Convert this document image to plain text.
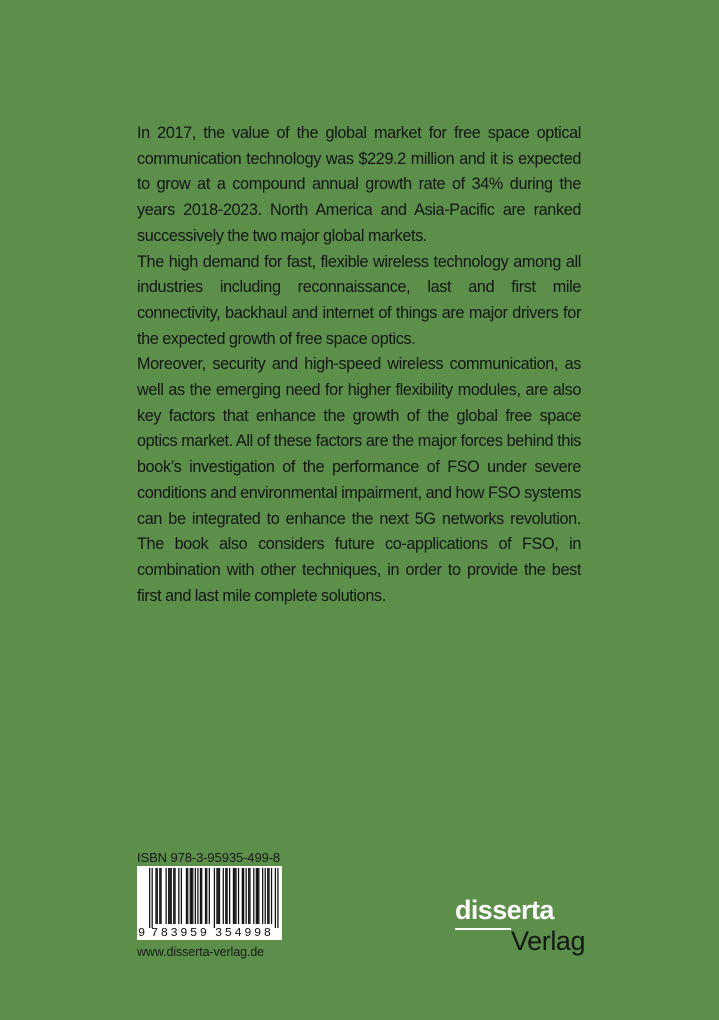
In 2017, the value of the global market for free space optical communication technology was $229.2 million and it is expected to grow at a compound annual growth rate of 34% during the years 2018-2023. North America and Asia-Pacific are ranked successively the two major global markets.

The high demand for fast, flexible wireless technology among all industries including reconnaissance, last and first mile connectivity, backhaul and internet of things are major drivers for the expected growth of free space optics.

Moreover, security and high-speed wireless communication, as well as the emerging need for higher flexibility modules, are also key factors that enhance the growth of the global free space optics market. All of these factors are the major forces behind this book’s investigation of the performance of FSO under severe conditions and environmental impairment, and how FSO systems can be integrated to enhance the next 5G networks revolution. The book also considers future co-applications of FSO, in combination with other techniques, in order to provide the best first and last mile complete solutions.

ISBN 978-3-95935-499-8
9 783959 354998
www.disserta-verlag.de
disserta
Verlag
